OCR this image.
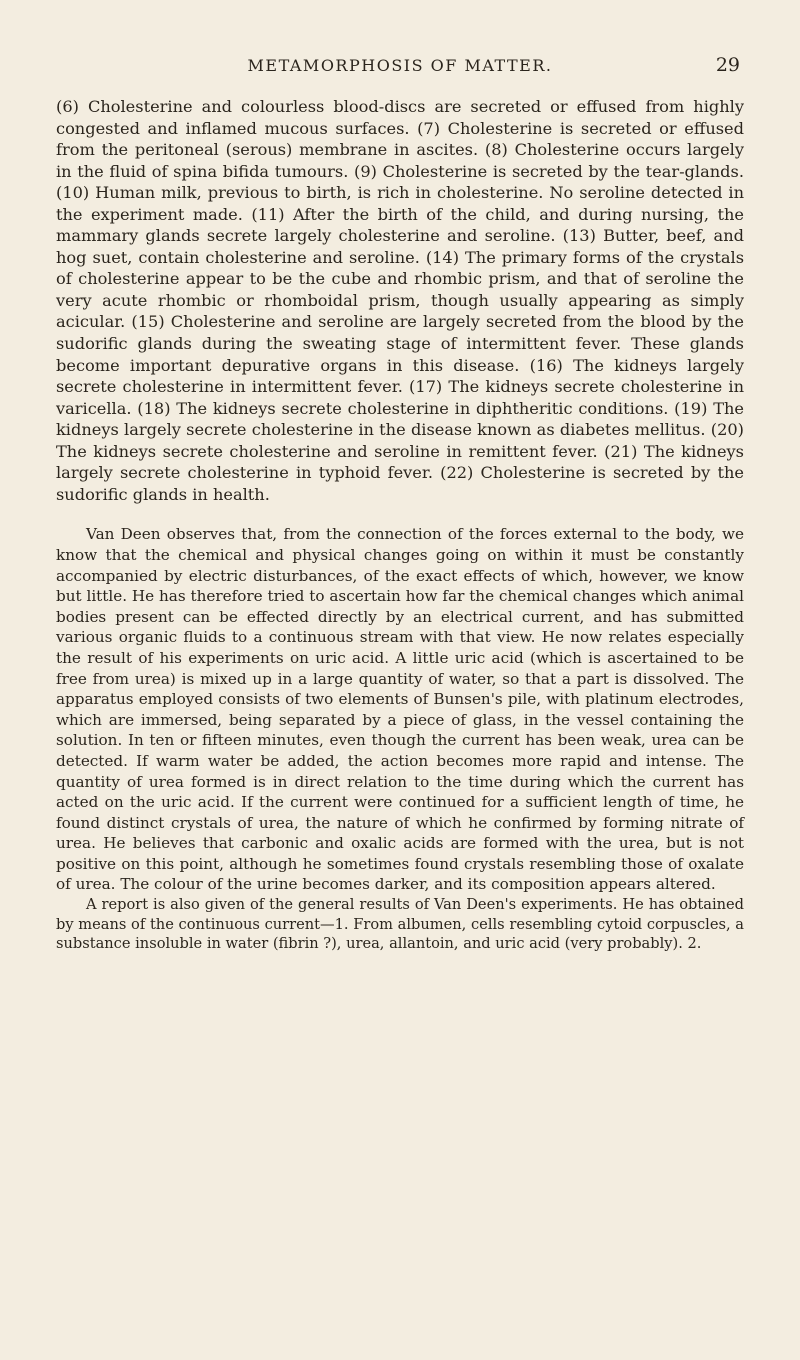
METAMORPHOSIS OF MATTER.	29

(6) Cholesterine and colourless blood-discs are secreted or effused from highly congested and inflamed mucous surfaces. (7) Cholesterine is secreted or effused from the peritoneal (serous) membrane in ascites. (8) Cholesterine occurs largely in the fluid of spina bifida tumours. (9) Cholesterine is secreted by the tear-glands. (10) Human milk, previous to birth, is rich in cholesterine. No seroline detected in the experiment made. (11) After the birth of the child, and during nursing, the mammary glands secrete largely cholesterine and seroline. (13) Butter, beef, and hog suet, contain cholesterine and seroline. (14) The primary forms of the crystals of cholesterine appear to be the cube and rhombic prism, and that of seroline the very acute rhombic or rhomboidal prism, though usually appearing as simply acicular. (15) Cholesterine and seroline are largely secreted from the blood by the sudorific glands during the sweating stage of intermittent fever. These glands become important depurative organs in this disease. (16) The kidneys largely secrete cholesterine in intermittent fever. (17) The kidneys secrete cholesterine in varicella. (18) The kidneys secrete cholesterine in diphtheritic conditions. (19) The kidneys largely secrete cholesterine in the disease known as diabetes mellitus. (20) The kidneys secrete cholesterine and seroline in remittent fever. (21) The kidneys largely secrete cholesterine in typhoid fever. (22) Cholesterine is secreted by the sudorific glands in health.

Van Deen observes that, from the connection of the forces external to the body, we know that the chemical and physical changes going on within it must be constantly accompanied by electric disturbances, of the exact effects of which, however, we know but little. He has therefore tried to ascertain how far the chemical changes which animal bodies present can be effected directly by an electrical current, and has submitted various organic fluids to a continuous stream with that view. He now relates especially the result of his experiments on uric acid. A little uric acid (which is ascertained to be free from urea) is mixed up in a large quantity of water, so that a part is dissolved. The apparatus employed consists of two elements of Bunsen's pile, with platinum electrodes, which are immersed, being separated by a piece of glass, in the vessel containing the solution. In ten or fifteen minutes, even though the current has been weak, urea can be detected. If warm water be added, the action becomes more rapid and intense. The quantity of urea formed is in direct relation to the time during which the current has acted on the uric acid. If the current were continued for a sufficient length of time, he found distinct crystals of urea, the nature of which he confirmed by forming nitrate of urea. He believes that carbonic and oxalic acids are formed with the urea, but is not positive on this point, although he sometimes found crystals resembling those of oxalate of urea. The colour of the urine becomes darker, and its composition appears altered.

A report is also given of the general results of Van Deen's experiments. He has obtained by means of the continuous current—1. From albumen, cells resembling cytoid corpuscles, a substance insoluble in water (fibrin ?), urea, allantoin, and uric acid (very probably). 2.
